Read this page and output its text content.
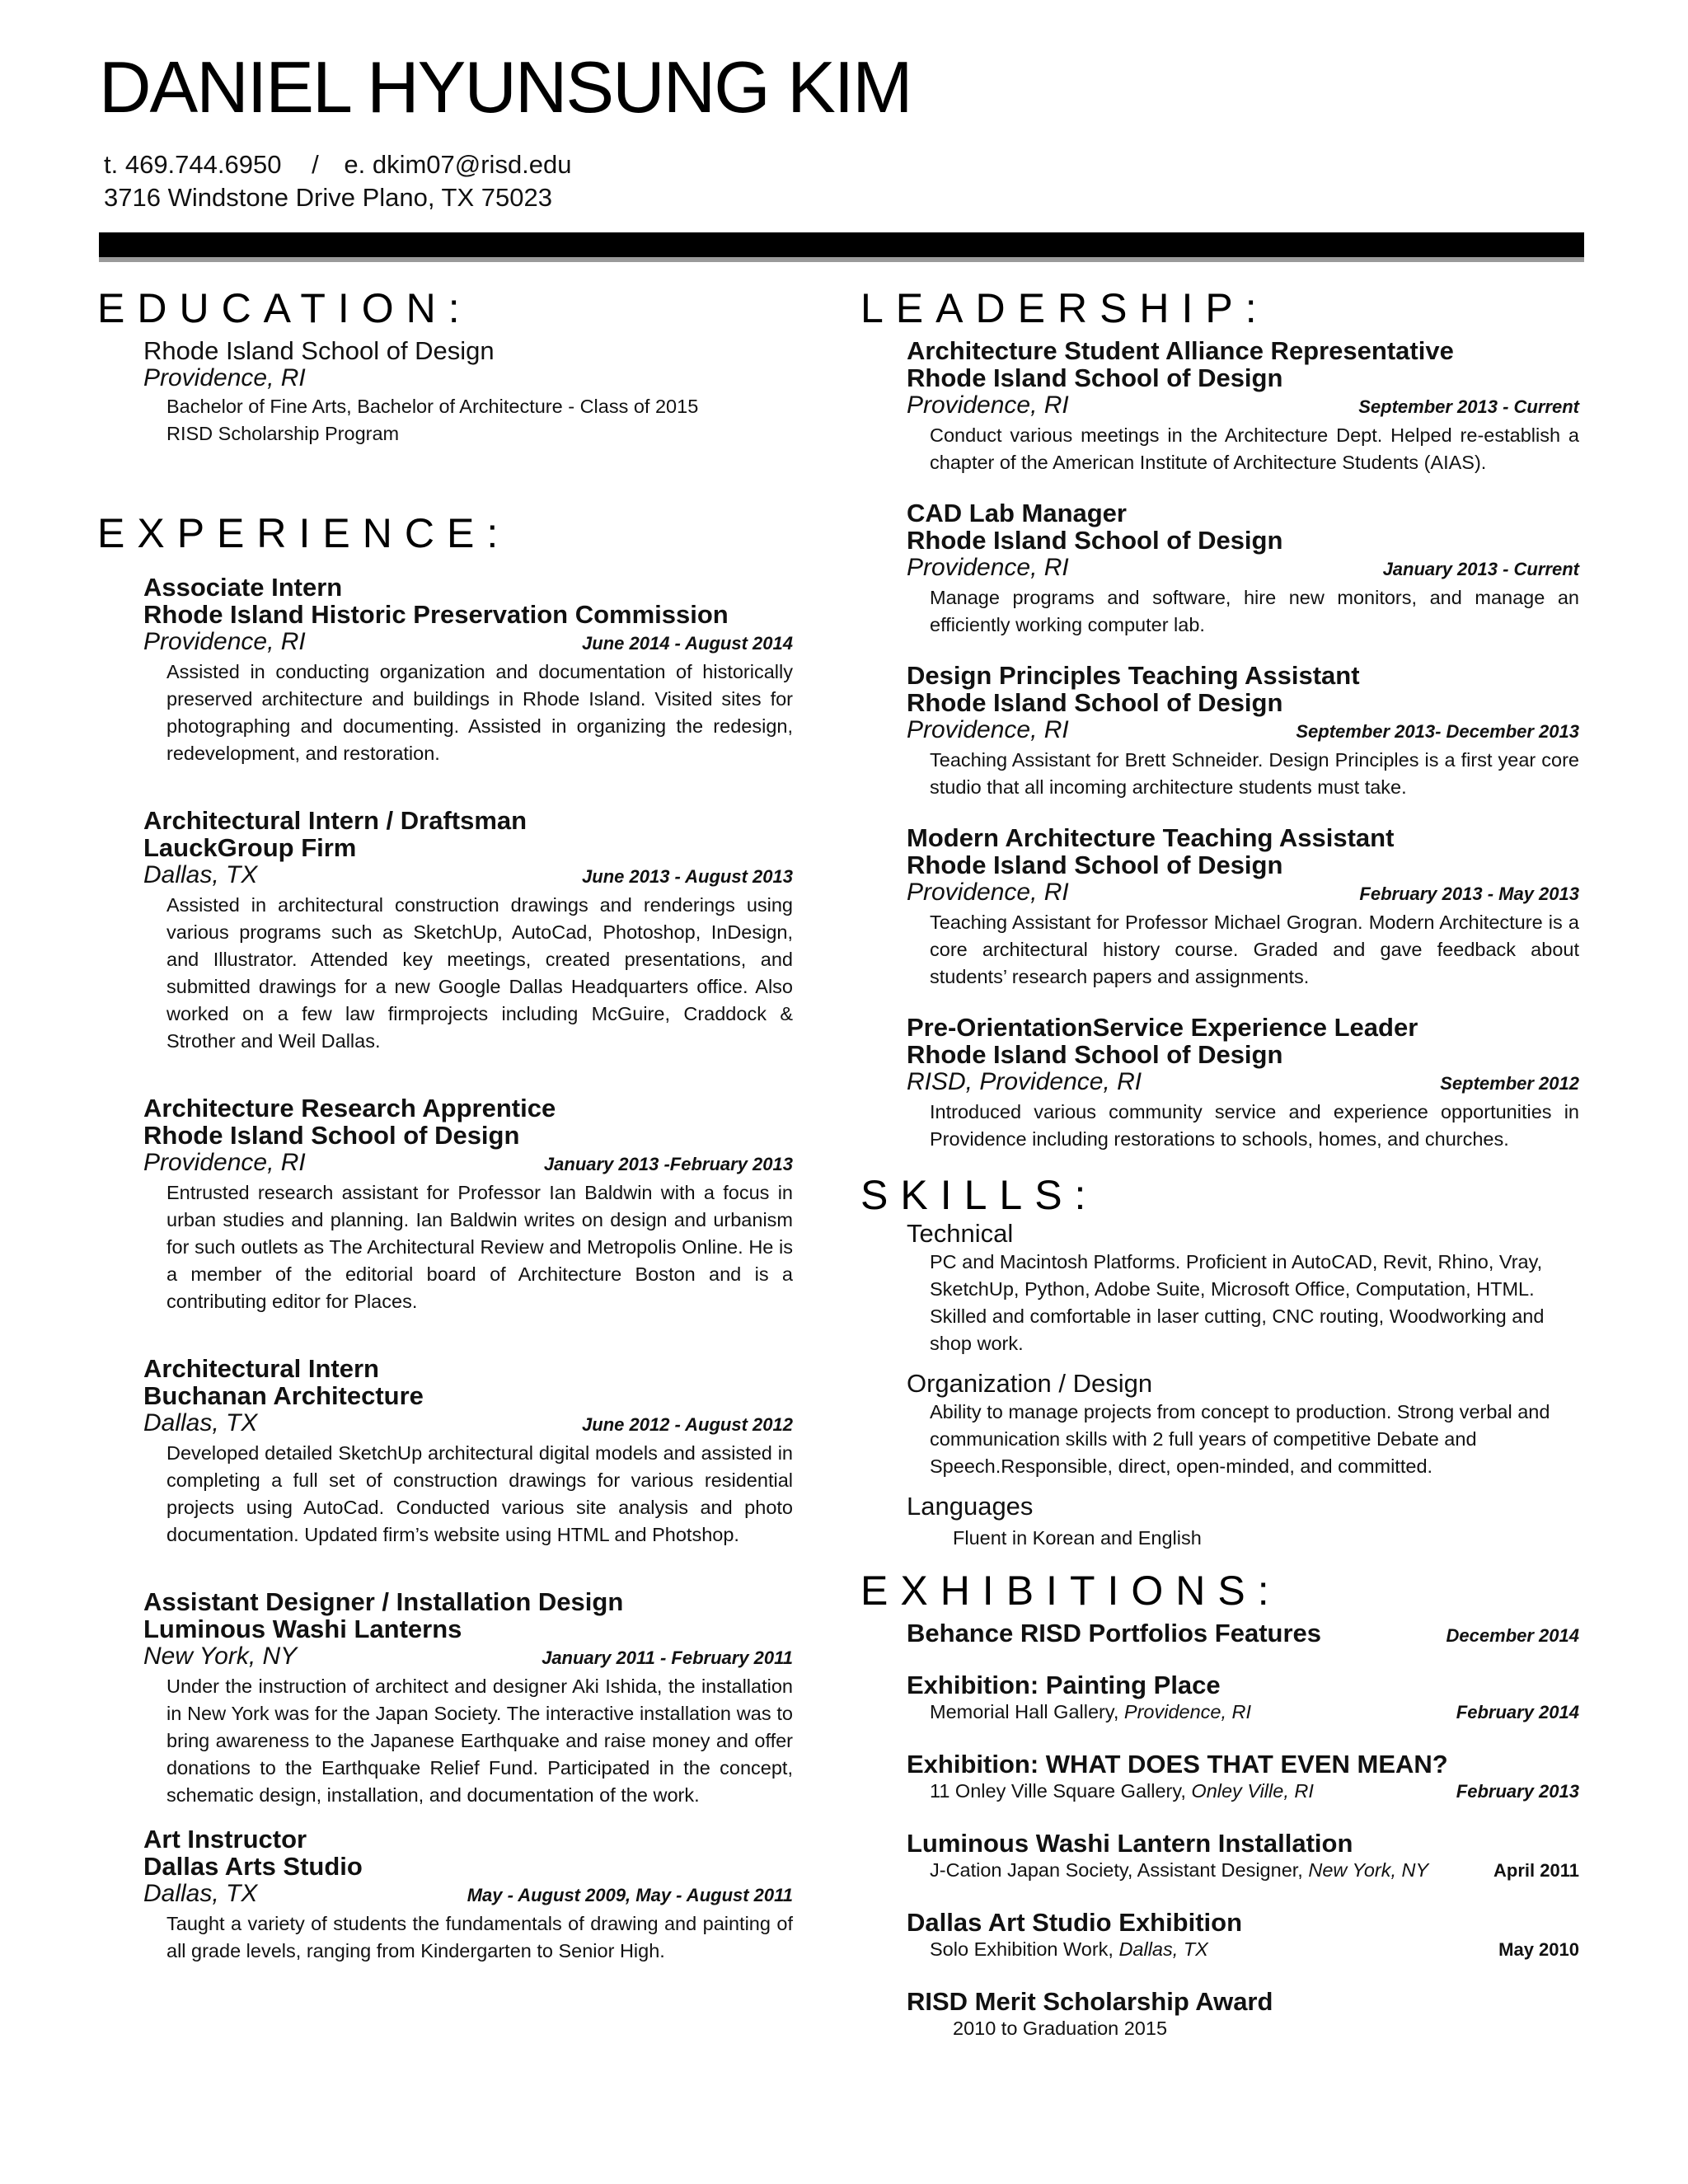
DANIEL HYUNSUNG KIM
t. 469.744.6950 / e. dkim07@risd.edu
3716 Windstone Drive Plano, TX 75023
EDUCATION:
Rhode Island School of Design
Providence, RI
Bachelor of Fine Arts, Bachelor of Architecture - Class of 2015
RISD Scholarship Program
EXPERIENCE:
Associate Intern
Rhode Island Historic Preservation Commission
Providence, RI	June 2014 - August 2014
Assisted in conducting organization and documentation of historically preserved architecture and buildings in Rhode Island. Visited sites for photographing and documenting. Assisted in organizing the redesign, redevelopment, and restoration.
Architectural Intern / Draftsman
LauckGroup Firm
Dallas, TX	June 2013 - August 2013
Assisted in architectural construction drawings and renderings using various programs such as SketchUp, AutoCad, Photoshop, InDesign, and Illustrator. Attended key meetings, created presentations, and submitted drawings for a new Google Dallas Headquarters office. Also worked on a few law firmprojects including McGuire, Craddock & Strother and Weil Dallas.
Architecture Research Apprentice
Rhode Island School of Design
Providence, RI	January 2013 -February 2013
Entrusted research assistant for Professor Ian Baldwin with a focus in urban studies and planning. Ian Baldwin writes on design and urbanism for such outlets as The Architectural Review and Metropolis Online. He is a member of the editorial board of Architecture Boston and is a contributing editor for Places.
Architectural Intern
Buchanan Architecture
Dallas, TX	June 2012 - August 2012
Developed detailed SketchUp architectural digital models and assisted in completing a full set of construction drawings for various residential projects using AutoCad. Conducted various site analysis and photo documentation. Updated firm’s website using HTML and Photshop.
Assistant Designer / Installation Design
Luminous Washi Lanterns
New York, NY	January 2011 - February 2011
Under the instruction of architect and designer Aki Ishida, the installation in New York was for the Japan Society. The interactive installation was to bring awareness to the Japanese Earthquake and raise money and offer donations to the Earthquake Relief Fund. Participated in the concept, schematic design, installation, and documentation of the work.
Art Instructor
Dallas Arts Studio
Dallas, TX	May - August 2009, May - August 2011
Taught a variety of students the fundamentals of drawing and painting of all grade levels, ranging from Kindergarten to Senior High.
LEADERSHIP:
Architecture Student Alliance Representative
Rhode Island School of Design
Providence, RI	September 2013 - Current
Conduct various meetings in the Architecture Dept. Helped re-establish a chapter of the American Institute of Architecture Students (AIAS).
CAD Lab Manager
Rhode Island School of Design
Providence, RI	January 2013 - Current
Manage programs and software, hire new monitors, and manage an efficiently working computer lab.
Design Principles Teaching Assistant
Rhode Island School of Design
Providence, RI	September 2013- December 2013
Teaching Assistant for Brett Schneider. Design Principles is a first year core studio that all incoming architecture students must take.
Modern Architecture Teaching Assistant
Rhode Island School of Design
Providence, RI	February 2013 - May 2013
Teaching Assistant for Professor Michael Grogran. Modern Architecture is a core architectural history course. Graded and gave feedback about students’ research papers and assignments.
Pre-OrientationService Experience Leader
Rhode Island School of Design
RISD, Providence, RI	September 2012
Introduced various community service and experience opportunities in Providence including restorations to schools, homes, and churches.
SKILLS:
Technical
PC and Macintosh Platforms. Proficient in AutoCAD, Revit, Rhino, Vray, SketchUp, Python, Adobe Suite, Microsoft Office, Computation, HTML. Skilled and comfortable in laser cutting, CNC routing, Woodworking and shop work.
Organization / Design
Ability to manage projects from concept to production. Strong verbal and communication skills with 2 full years of competitive Debate and Speech.Responsible, direct, open-minded, and committed.
Languages
Fluent in Korean and English
EXHIBITIONS:
Behance RISD Portfolios Features	December 2014
Exhibition: Painting Place
Memorial Hall Gallery, Providence, RI	February 2014
Exhibition: WHAT DOES THAT EVEN MEAN?
11 Onley Ville Square Gallery, Onley Ville, RI	February 2013
Luminous Washi Lantern Installation
J-Cation Japan Society, Assistant Designer, New York, NY	April 2011
Dallas Art Studio Exhibition
Solo Exhibition Work, Dallas, TX	May 2010
RISD Merit Scholarship Award
2010 to Graduation 2015
